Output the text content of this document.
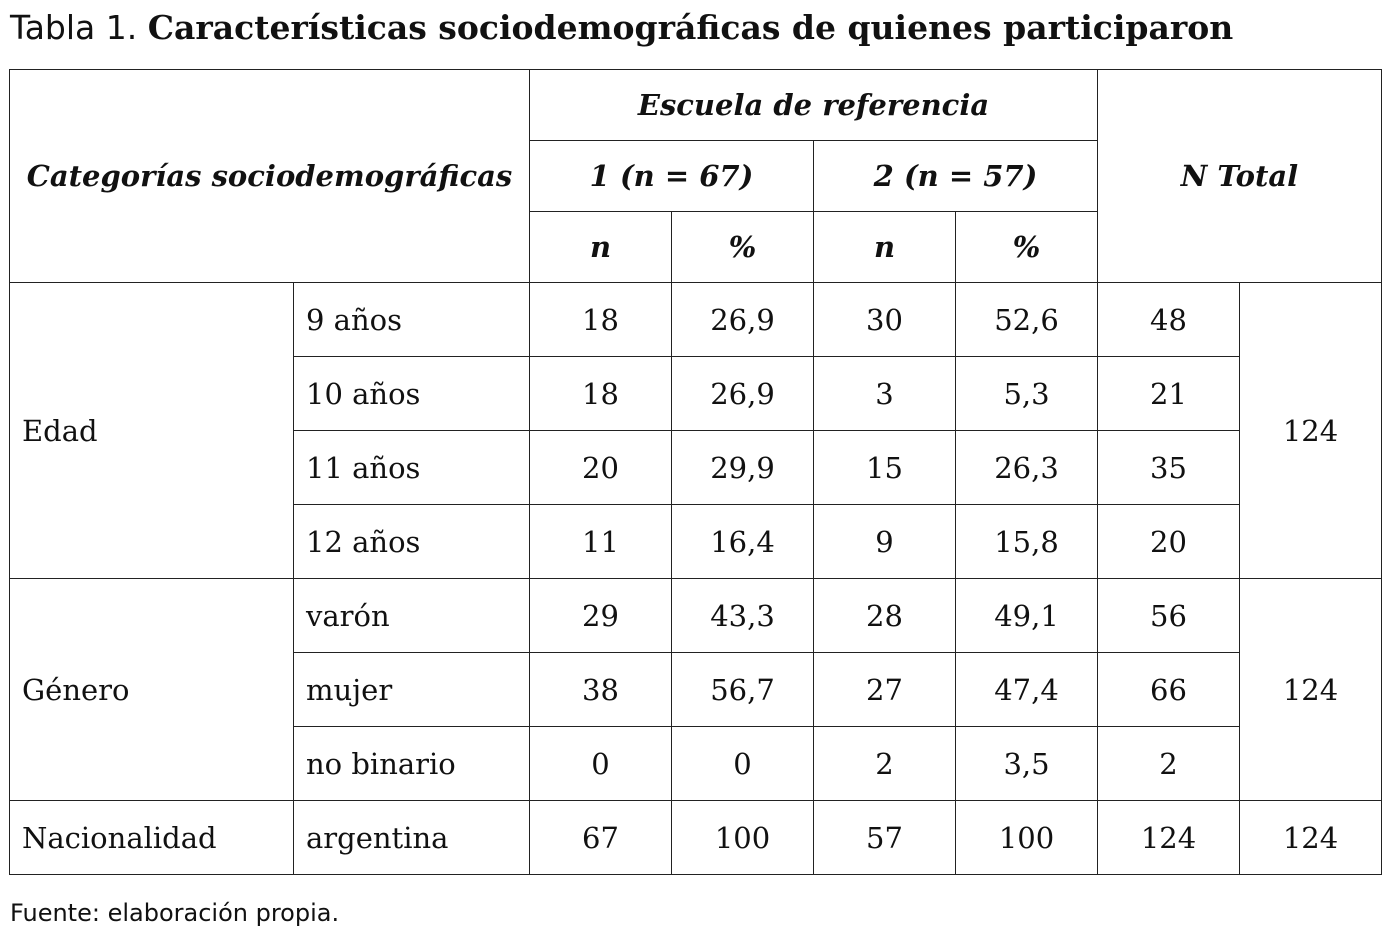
Tabla 1. Características sociodemográficas de quienes participaron
Categorías sociodemográficas		Escuela de referencia				N Total	
		1 (n = 67)		2 (n = 57)			
		n	%	n	%		
Edad	9 años	18	26,9	30	52,6	48	124
	10 años	18	26,9	3	5,3	21	
	11 años	20	29,9	15	26,3	35	
	12 años	11	16,4	9	15,8	20	
Género	varón	29	43,3	28	49,1	56	124
	mujer	38	56,7	27	47,4	66	
	no binario	0	0	2	3,5	2	
Nacionalidad	argentina	67	100	57	100	124	124
Fuente: elaboración propia.
